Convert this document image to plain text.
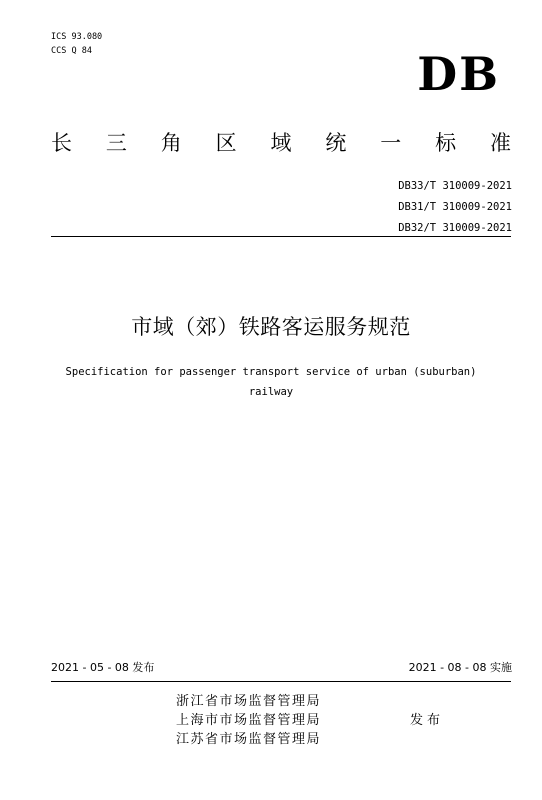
ICS 93.080
CCS Q 84	DB
长 三 角 区 域 统 一 标 准
DB33/T 310009-2021
DB31/T 310009-2021
DB32/T 310009-2021
市域（郊）铁路客运服务规范
Specification for passenger transport service of urban (suburban)
railway
2021 - 05 - 08 发布	2021 - 08 - 08 实施
浙江省市场监督管理局
上海市市场监督管理局
江苏省市场监督管理局
发布
